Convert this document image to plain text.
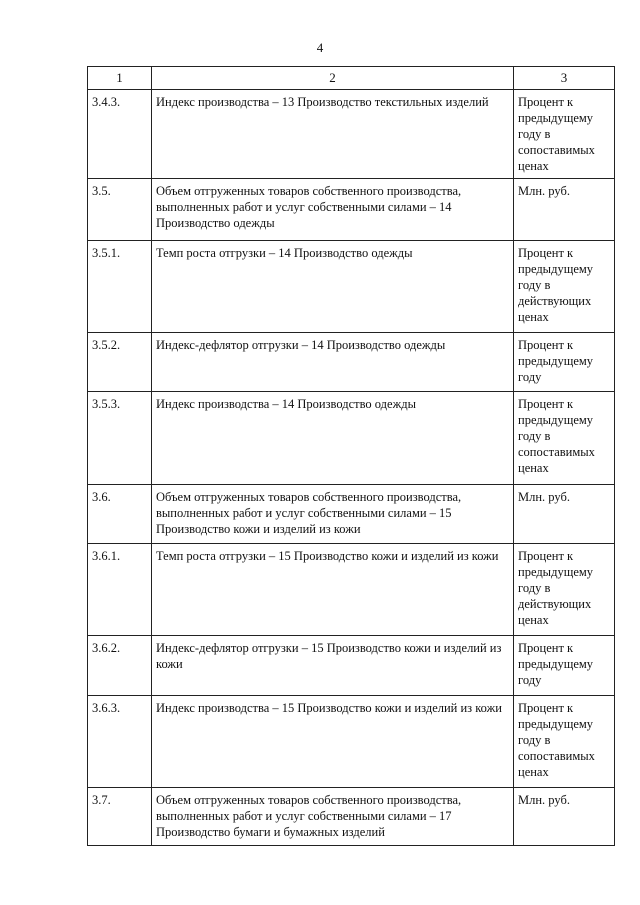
4
1	2	3
3.4.3.	Индекс производства – 13 Производство текстильных изделий	Процент к предыдущему году в сопоставимых ценах
3.5.	Объем отгруженных товаров собственного производства, выполненных работ и услуг собственными силами – 14 Производство одежды	Млн. руб.
3.5.1.	Темп роста отгрузки – 14 Производство одежды	Процент к предыдущему году в действующих ценах
3.5.2.	Индекс-дефлятор отгрузки – 14 Производство одежды	Процент к предыдущему году
3.5.3.	Индекс производства – 14 Производство одежды	Процент к предыдущему году в сопоставимых ценах
3.6.	Объем отгруженных товаров собственного производства, выполненных работ и услуг собственными силами – 15 Производство кожи и изделий из кожи	Млн. руб.
3.6.1.	Темп роста отгрузки – 15 Производство кожи и изделий из кожи	Процент к предыдущему году в действующих ценах
3.6.2.	Индекс-дефлятор отгрузки – 15 Производство кожи и изделий из кожи	Процент к предыдущему году
3.6.3.	Индекс производства – 15 Производство кожи и изделий из кожи	Процент к предыдущему году в сопоставимых ценах
3.7.	Объем отгруженных товаров собственного производства, выполненных работ и услуг собственными силами – 17 Производство бумаги и бумажных изделий	Млн. руб.
